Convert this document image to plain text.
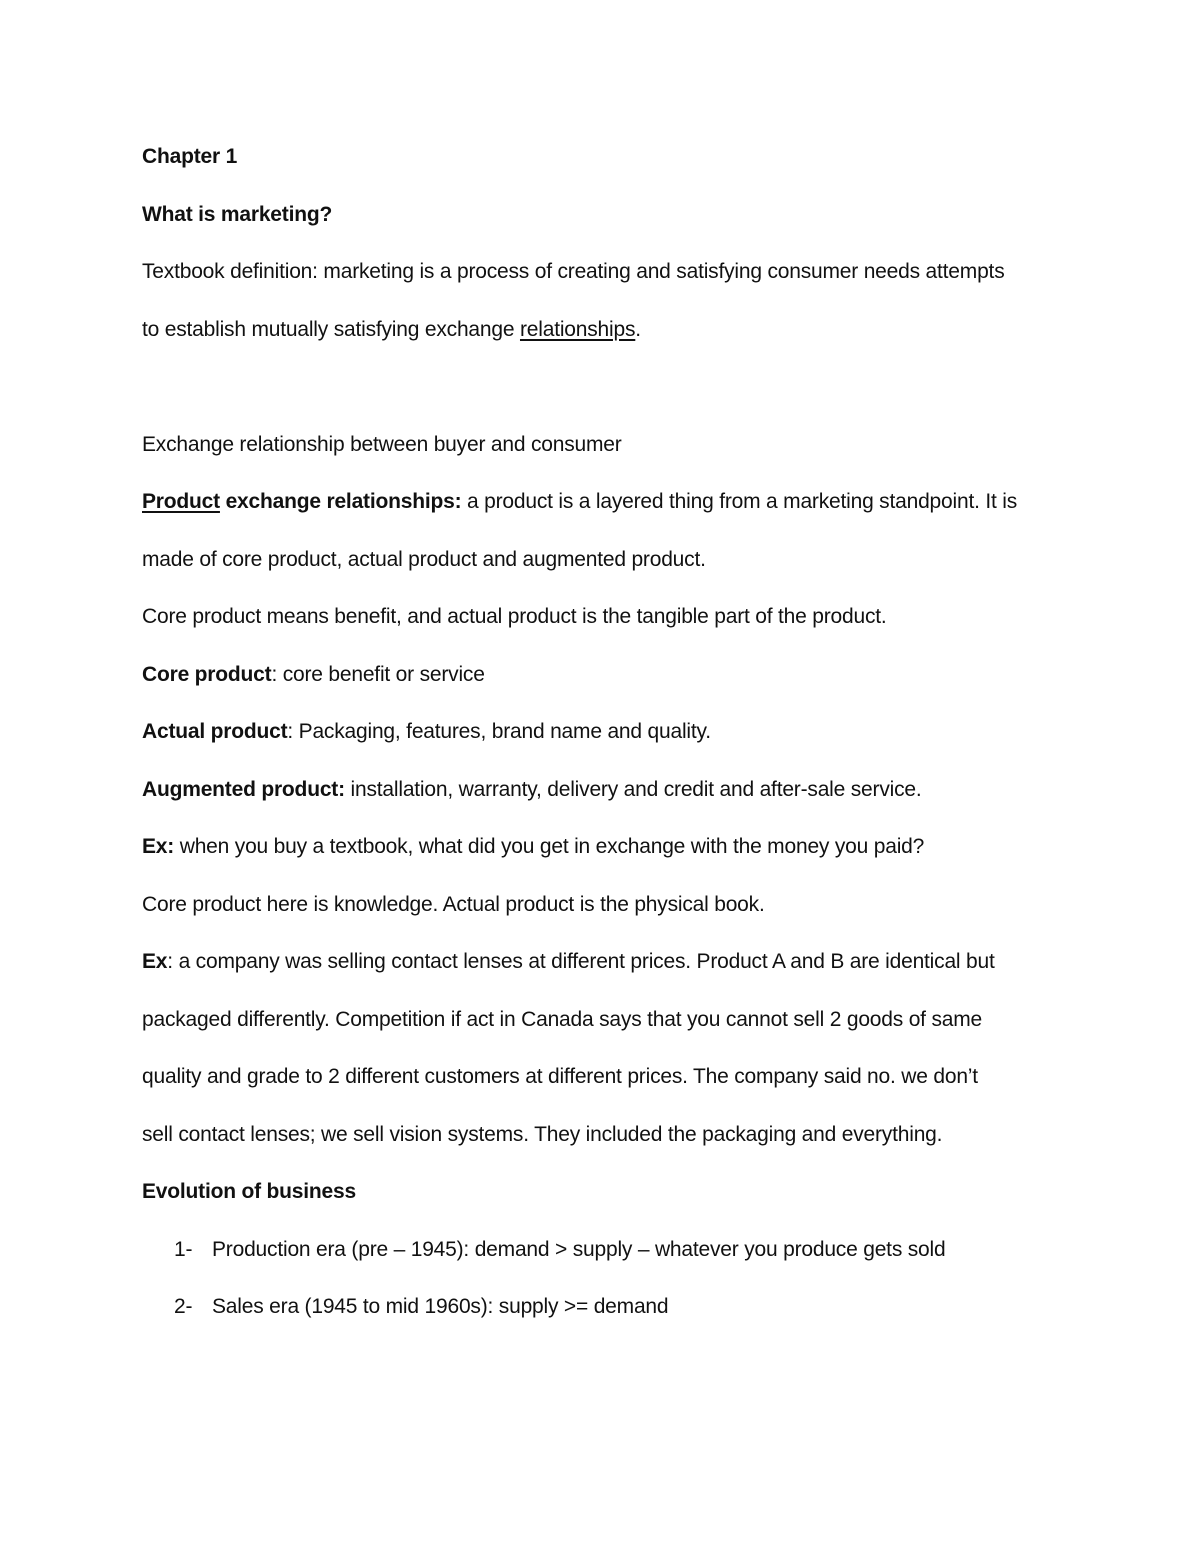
Chapter 1
What is marketing?
Textbook definition: marketing is a process of creating and satisfying consumer needs attempts
to establish mutually satisfying exchange relationships.
Exchange relationship between buyer and consumer
Product exchange relationships: a product is a layered thing from a marketing standpoint. It is
made of core product, actual product and augmented product.
Core product means benefit, and actual product is the tangible part of the product.
Core product: core benefit or service
Actual product: Packaging, features, brand name and quality.
Augmented product: installation, warranty, delivery and credit and after-sale service.
Ex: when you buy a textbook, what did you get in exchange with the money you paid?
Core product here is knowledge. Actual product is the physical book.
Ex: a company was selling contact lenses at different prices. Product A and B are identical but
packaged differently. Competition if act in Canada says that you cannot sell 2 goods of same
quality and grade to 2 different customers at different prices. The company said no. we don’t
sell contact lenses; we sell vision systems. They included the packaging and everything.
Evolution of business
1- Production era (pre – 1945): demand > supply – whatever you produce gets sold
2- Sales era (1945 to mid 1960s): supply >= demand
